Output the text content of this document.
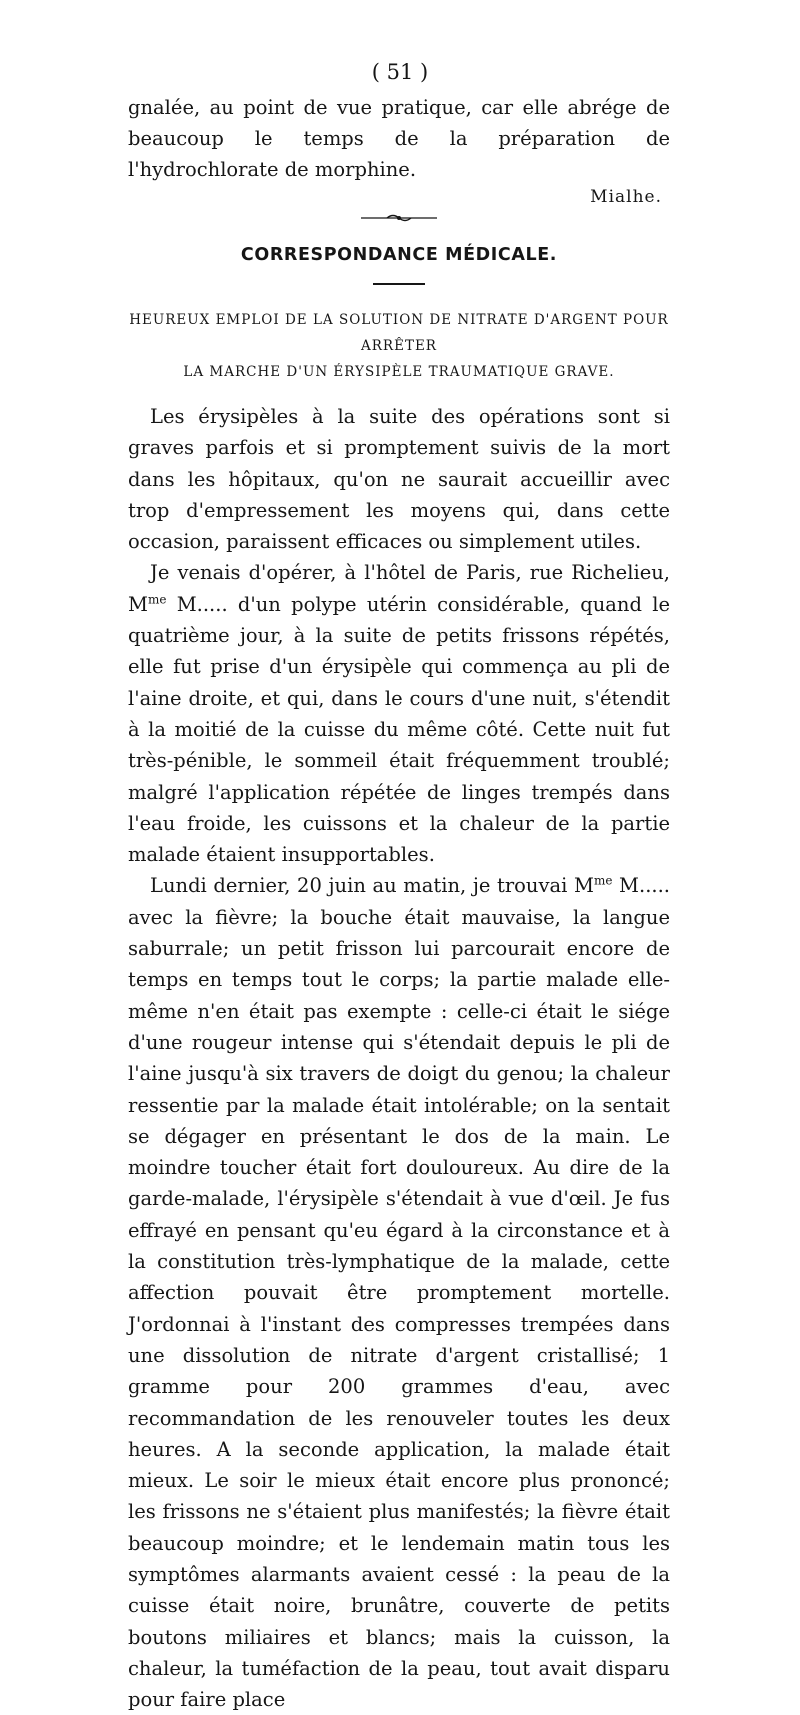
( 51 )
gnalée, au point de vue pratique, car elle abrége de beaucoup le temps de la préparation de l'hydrochlorate de morphine.
Mialhe.
CORRESPONDANCE MÉDICALE.
HEUREUX EMPLOI DE LA SOLUTION DE NITRATE D'ARGENT POUR ARRÊTER
LA MARCHE D'UN ÉRYSIPÈLE TRAUMATIQUE GRAVE.

Les érysipèles à la suite des opérations sont si graves parfois et si promptement suivis de la mort dans les hôpitaux, qu'on ne saurait accueillir avec trop d'empressement les moyens qui, dans cette occasion, paraissent efficaces ou simplement utiles.

Je venais d'opérer, à l'hôtel de Paris, rue Richelieu, $M^{me}$ M..... d'un polype utérin considérable, quand le quatrième jour, à la suite de petits frissons répétés, elle fut prise d'un érysipèle qui commença au pli de l'aine droite, et qui, dans le cours d'une nuit, s'étendit à la moitié de la cuisse du même côté. Cette nuit fut très-pénible, le sommeil était fréquemment troublé; malgré l'application répétée de linges trempés dans l'eau froide, les cuissons et la chaleur de la partie malade étaient insupportables.

Lundi dernier, 20 juin au matin, je trouvai $M^{me}$ M..... avec la fièvre; la bouche était mauvaise, la langue saburrale; un petit frisson lui parcourait encore de temps en temps tout le corps; la partie malade elle-même n'en était pas exempte : celle-ci était le siége d'une rougeur intense qui s'étendait depuis le pli de l'aine jusqu'à six travers de doigt du genou; la chaleur ressentie par la malade était intolérable; on la sentait se dégager en présentant le dos de la main. Le moindre toucher était fort douloureux. Au dire de la garde-malade, l'érysipèle s'étendait à vue d'œil. Je fus effrayé en pensant qu'eu égard à la circonstance et à la constitution très-lymphatique de la malade, cette affection pouvait être promptement mortelle. J'ordonnai à l'instant des compresses trempées dans une dissolution de nitrate d'argent cristallisé; 1 gramme pour 200 grammes d'eau, avec recommandation de les renouveler toutes les deux heures. A la seconde application, la malade était mieux. Le soir le mieux était encore plus prononcé; les frissons ne s'étaient plus manifestés; la fièvre était beaucoup moindre; et le lendemain matin tous les symptômes alarmants avaient cessé : la peau de la cuisse était noire, brunâtre, couverte de petits boutons miliaires et blancs; mais la cuisson, la chaleur, la tuméfaction de la peau, tout avait disparu pour faire place
